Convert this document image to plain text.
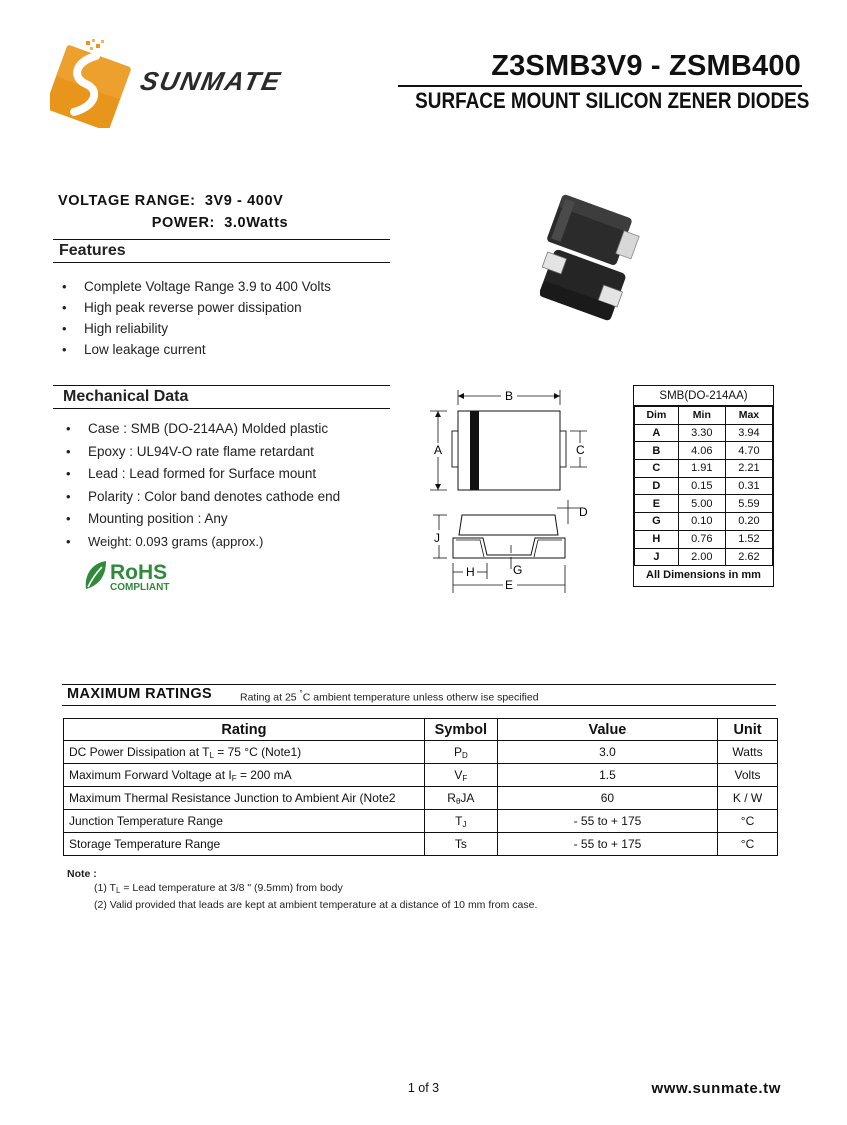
SUNMATE	Z3SMB3V9 - ZSMB400
SURFACE MOUNT SILICON ZENER DIODES
VOLTAGE RANGE: 3V9 - 400V
POWER: 3.0Watts
Features
• Complete Voltage Range 3.9 to 400 Volts
• High peak reverse power dissipation
• High reliability
• Low leakage current
Mechanical Data
• Case : SMB (DO-214AA) Molded plastic
• Epoxy : UL94V-O rate flame retardant
• Lead : Lead formed for Surface mount
• Polarity : Color band denotes cathode end
• Mounting position : Any
• Weight: 0.093 grams (approx.)
RoHS
COMPLIANT
B
A	C
D
J
G
H
E
SMB(DO-214AA)
Dim	Min	Max
A	3.30	3.94
B	4.06	4.70
C	1.91	2.21
D	0.15	0.31
E	5.00	5.59
G	0.10	0.20
H	0.76	1.52
J	2.00	2.62
All Dimensions in mm
MAXIMUM RATINGS	Rating at 25 °C ambient temperature unless otherw ise specified
Rating	Symbol	Value	Unit
DC Power Dissipation at $T_L = 75$ °C (Note1)	$P_D$	3.0	Watts
Maximum Forward Voltage at $I_F = 200$ mA	$V_F$	1.5	Volts
Maximum Thermal Resistance Junction to Ambient Air (Note2	$R_\theta JA$	60	K / W
Junction Temperature Range	$T_J$	- 55 to + 175	°C
Storage Temperature Range	Ts	- 55 to + 175	°C
Note :
(1) $T_L$ = Lead temperature at 3/8 " (9.5mm) from body
(2) Valid provided that leads are kept at ambient temperature at a distance of 10 mm from case.
1 of 3	www.sunmate.tw
